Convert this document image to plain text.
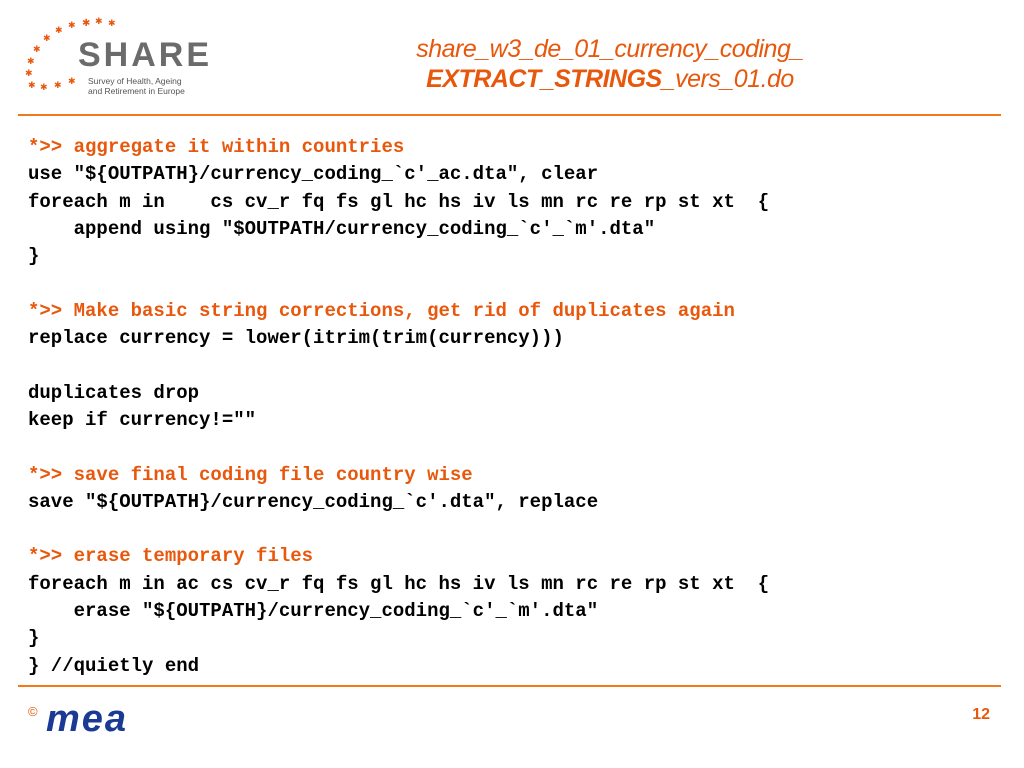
✱
✱
✱
✱
✱
✱
✱
✱ ✱ ✱ ✱
✱ ✱
SHARE
Survey of Health, Ageing
and Retirement in Europe
share_w3_de_01_currency_coding_
EXTRACT_STRINGS_vers_01.do
*>> aggregate it within countries
use "${OUTPATH}/currency_coding_`c'_ac.dta", clear
foreach m in    cs cv_r fq fs gl hc hs iv ls mn rc re rp st xt  {
append using "$OUTPATH/currency_coding_`c'_`m'.dta"
}
*>> Make basic string corrections, get rid of duplicates again
replace currency = lower(itrim(trim(currency)))
duplicates drop
keep if currency!=""
*>> save final coding file country wise
save "${OUTPATH}/currency_coding_`c'.dta", replace
*>> erase temporary files
foreach m in ac cs cv_r fq fs gl hc hs iv ls mn rc re rp st xt  {
erase "${OUTPATH}/currency_coding_`c'_`m'.dta"
}
} //quietly end
© mea	12
